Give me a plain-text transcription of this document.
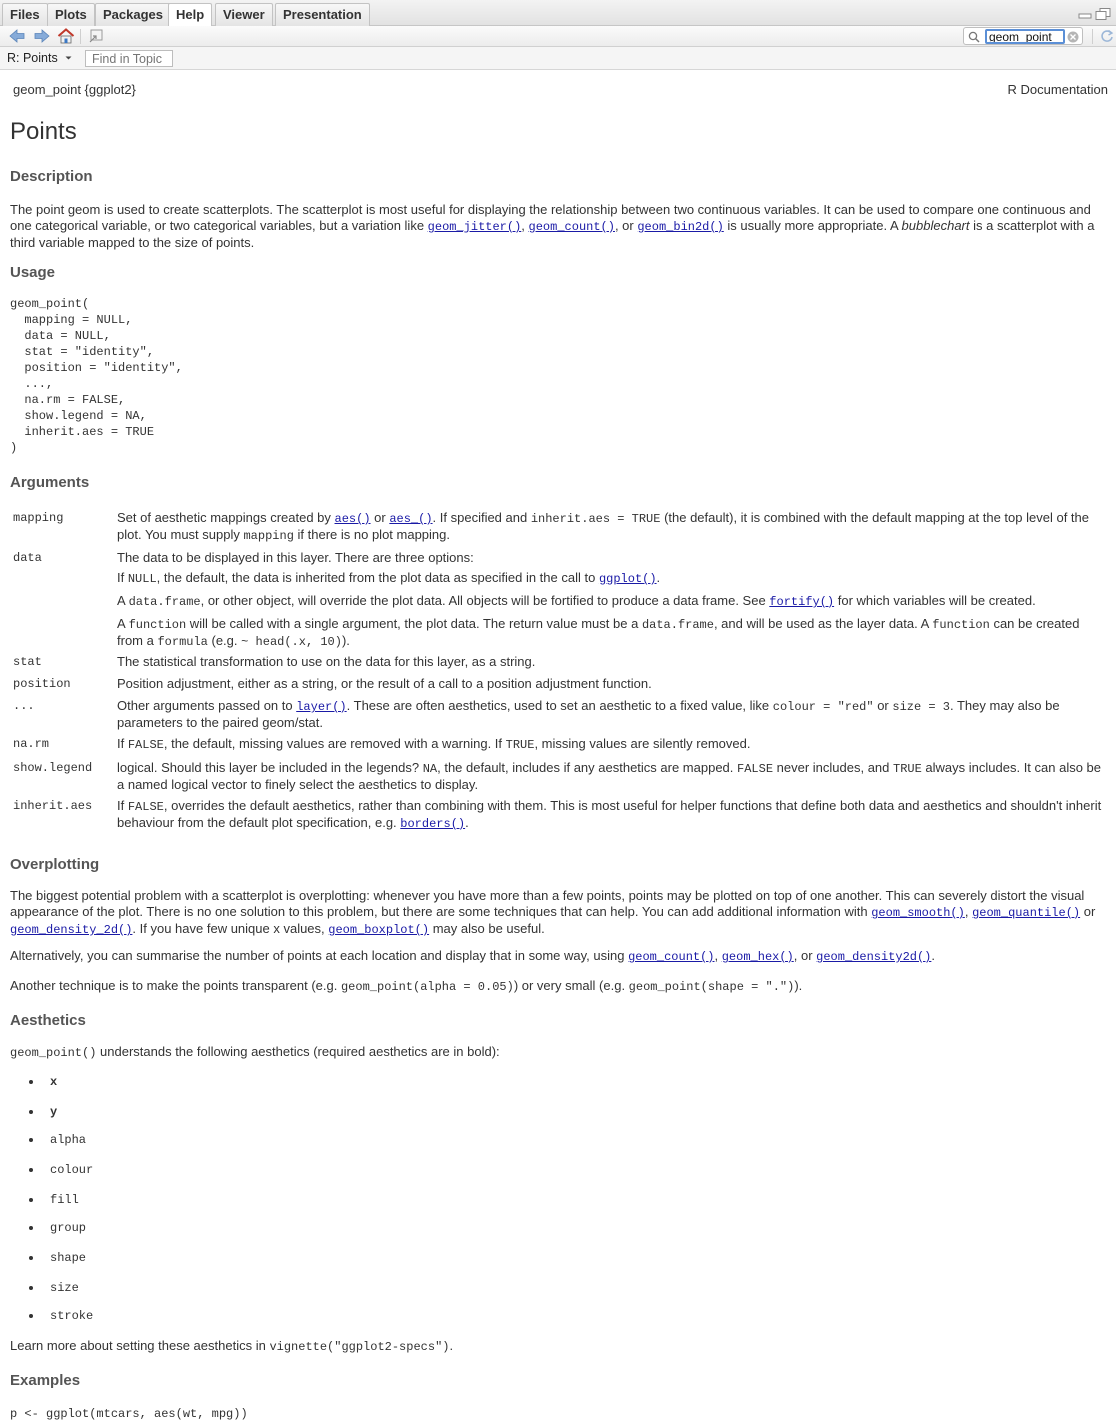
Files	Plots	Packages	Help	Viewer	Presentation
geom_point
R: Points
Find in Topic
geom_point {ggplot2}	R Documentation
Points
Description

The point geom is used to create scatterplots. The scatterplot is most useful for displaying the relationship between two continuous variables. It can be used to compare one continuous and one categorical variable, or two categorical variables, but a variation like geom_jitter(), geom_count(), or geom_bin2d() is usually more appropriate. A bubblechart is a scatterplot with a third variable mapped to the size of points.

Usage
geom_point(
mapping = NULL,
data = NULL,
stat = "identity",
position = "identity",
...,
na.rm = FALSE,
show.legend = NA,
inherit.aes = TRUE
)
Arguments
mapping	Set of aesthetic mappings created by aes() or aes_(). If specified and inherit.aes = TRUE (the default), it is combined with the default mapping at the top level of the plot. You must supply mapping if there is no plot mapping.
data	The data to be displayed in this layer. There are three options:

If NULL, the default, the data is inherited from the plot data as specified in the call to ggplot().

A data.frame, or other object, will override the plot data. All objects will be fortified to produce a data frame. See fortify() for which variables will be created.

A function will be called with a single argument, the plot data. The return value must be a data.frame, and will be used as the layer data. A function can be created from a formula (e.g. ~ head(.x, 10)).

stat	The statistical transformation to use on the data for this layer, as a string.
position	Position adjustment, either as a string, or the result of a call to a position adjustment function.
...	Other arguments passed on to layer(). These are often aesthetics, used to set an aesthetic to a fixed value, like colour = "red" or size = 3. They may also be parameters to the paired geom/stat.
na.rm	If FALSE, the default, missing values are removed with a warning. If TRUE, missing values are silently removed.
show.legend logical. Should this layer be included in the legends? NA, the default, includes if any aesthetics are mapped. FALSE never includes, and TRUE always includes. It can also be a named logical vector to finely select the aesthetics to display.
inherit.aes If FALSE, overrides the default aesthetics, rather than combining with them. This is most useful for helper functions that define both data and aesthetics and shouldn't inherit behaviour from the default plot specification, e.g. borders().
Overplotting

The biggest potential problem with a scatterplot is overplotting: whenever you have more than a few points, points may be plotted on top of one another. This can severely distort the visual appearance of the plot. There is no one solution to this problem, but there are some techniques that can help. You can add additional information with geom_smooth(), geom_quantile() or geom_density_2d(). If you have few unique x values, geom_boxplot() may also be useful.

Alternatively, you can summarise the number of points at each location and display that in some way, using geom_count(), geom_hex(), or geom_density2d().

Another technique is to make the points transparent (e.g. geom_point(alpha = 0.05)) or very small (e.g. geom_point(shape = ".")).

Aesthetics

geom_point() understands the following aesthetics (required aesthetics are in bold):

x
y
alpha
colour
fill
group
shape
size
stroke

Learn more about setting these aesthetics in vignette("ggplot2-specs").

Examples
p <- ggplot(mtcars, aes(wt, mpg))
